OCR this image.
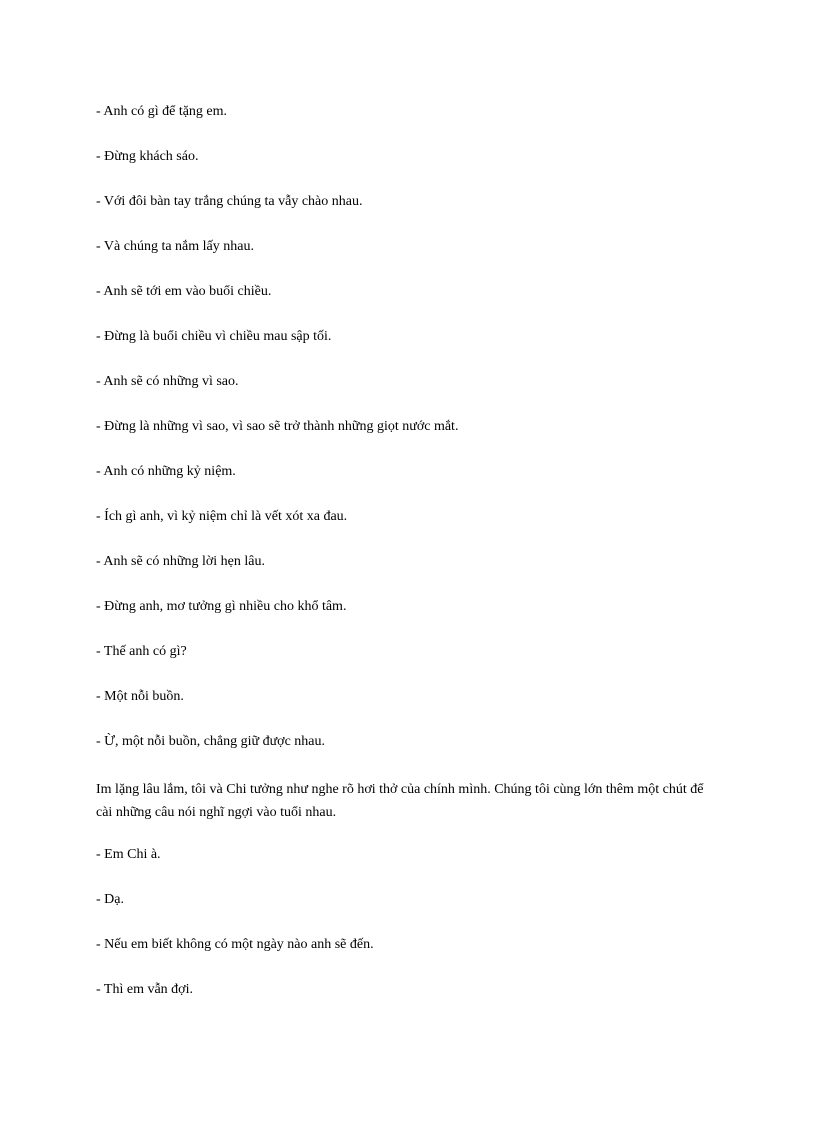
- Anh có gì để tặng em.

- Đừng khách sáo.

- Với đôi bàn tay trắng chúng ta vẫy chào nhau.

- Và chúng ta nắm lấy nhau.

- Anh sẽ tới em vào buổi chiều.

- Đừng là buổi chiều vì chiều mau sập tối.

- Anh sẽ có những vì sao.

- Đừng là những vì sao, vì sao sẽ trở thành những giọt nước mắt.

- Anh có những kỷ niệm.

- Ích gì anh, vì kỷ niệm chỉ là vết xót xa đau.

- Anh sẽ có những lời hẹn lâu.

- Đừng anh, mơ tưởng gì nhiều cho khổ tâm.

- Thế anh có gì?

- Một nỗi buồn.

- Ừ, một nỗi buồn, chẳng giữ được nhau.

Im lặng lâu lắm, tôi và Chi tưởng như nghe rõ hơi thở của chính mình. Chúng tôi cùng lớn thêm một chút để cài những câu nói nghĩ ngợi vào tuổi nhau.

- Em Chi à.

- Dạ.

- Nếu em biết không có một ngày nào anh sẽ đến.

- Thì em vẫn đợi.
